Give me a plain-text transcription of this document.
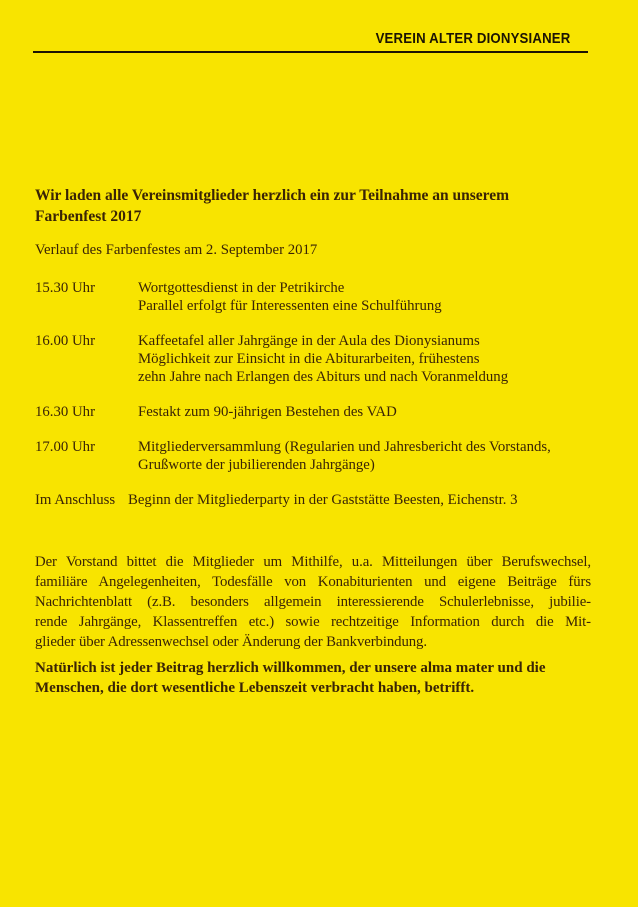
VEREIN ALTER DIONYSIANER
Wir laden alle Vereinsmitglieder herzlich ein zur Teilnahme an unserem
Farbenfest 2017
Verlauf des Farbenfestes am 2. September 2017
15.30 Uhr	Wortgottesdienst in der Petrikirche
Parallel erfolgt für Interessenten eine Schulführung
16.00 Uhr	Kaffeetafel aller Jahrgänge in der Aula des Dionysianums
Möglichkeit zur Einsicht in die Abiturarbeiten, frühestens
zehn Jahre nach Erlangen des Abiturs und nach Voranmeldung
16.30 Uhr	Festakt zum 90-jährigen Bestehen des VAD
17.00 Uhr	Mitgliederversammlung (Regularien und Jahresbericht des Vorstands,
Grußworte der jubilierenden Jahrgänge)
Im Anschluss Beginn der Mitgliederparty in der Gaststätte Beesten, Eichenstr. 3
Der Vorstand bittet die Mitglieder um Mithilfe, u.a. Mitteilungen über Berufswechsel,
familiäre Angelegenheiten, Todesfälle von Konabiturienten und eigene Beiträge fürs
Nachrichtenblatt (z.B. besonders allgemein interessierende Schulerlebnisse, jubilie-
rende Jahrgänge, Klassentreffen etc.) sowie rechtzeitige Information durch die Mit-
glieder über Adressenwechsel oder Änderung der Bankverbindung.
Natürlich ist jeder Beitrag herzlich willkommen, der unsere alma mater und die
Menschen, die dort wesentliche Lebenszeit verbracht haben, betrifft.
